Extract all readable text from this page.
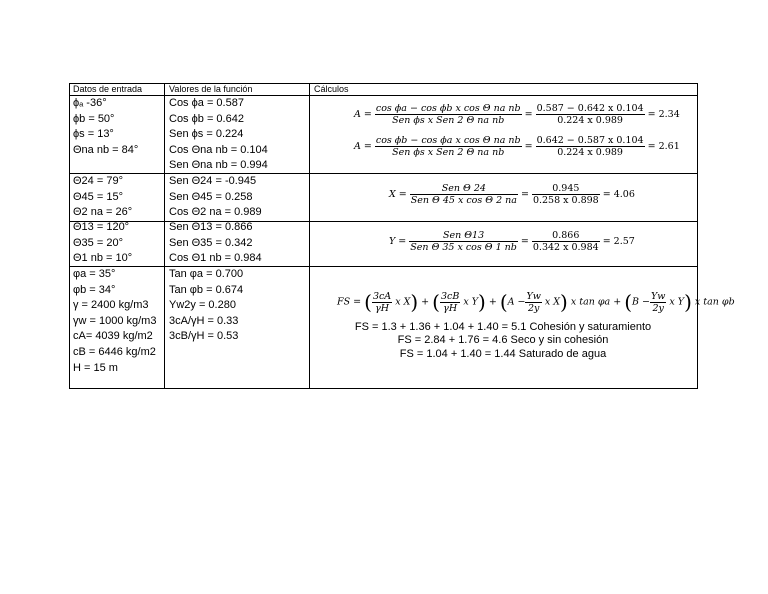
Datos de entrada	Valores de la función	Cálculos
ϕₐ -36°
ϕb = 50°
ϕs = 13°
Θna nb = 84°
Cos ϕa = 0.587
Cos ϕb = 0.642
Sen ϕs = 0.224
Cos Θna nb = 0.104
Sen Θna nb = 0.994
Θ24 = 79°
Θ45 = 15°
Θ2 na = 26°
Sen Θ24 = -0.945
Sen Θ45 = 0.258
Cos Θ2 na = 0.989
Θ13 = 120°
Θ35 = 20°
Θ1 nb = 10°
Sen Θ13 = 0.866
Sen Θ35 = 0.342
Cos Θ1 nb = 0.984
φa = 35°
φb = 34°
γ = 2400 kg/m3
γw = 1000 kg/m3
cA= 4039 kg/m2
cB = 6446 kg/m2
H = 15 m
Tan φa = 0.700
Tan φb = 0.674
Yw2y = 0.280
3cA/γH = 0.33
3cB/γH = 0.53
$A = \frac{\text{cos ϕa − cos ϕb x cos Θ na nb}}{\text{Sen ϕs x Sen 2 Θ na nb}} = \frac{0.587 - 0.642 x 0.104}{0.224 x 0.989} = 2.34$
$A = \frac{\text{cos ϕb − cos ϕa x cos Θ na nb}}{\text{Sen ϕs x Sen 2 Θ na nb}} = \frac{0.642 - 0.587 x 0.104}{0.224 x 0.989} = 2.61$
$X = \frac{\text{Sen Θ 24}}{\text{Sen Θ 45 x cos Θ 2 na}} = \frac{0.945}{0.258 x 0.898} = 4.06$
$Y = \frac{\text{Sen Θ13}}{\text{Sen Θ 35 x cos Θ 1 nb}} = \frac{0.866}{0.342 x 0.984} = 2.57$
FS = ( $\frac{3cA}{\gamma H}$ x X) + ( $\frac{3cB}{\gamma H}$ x $Y) + (A - \frac{Yw}{2y}$ x X) x $\tan \varphi a + (B - \frac{Yw}{2y}$ x Y) x tan φb
FS = 1.3 + 1.36 + 1.04 + 1.40 = 5.1 Cohesión y saturamiento
FS = 2.84 + 1.76 = 4.6 Seco y sin cohesión
FS = 1.04 + 1.40 = 1.44 Saturado de agua
